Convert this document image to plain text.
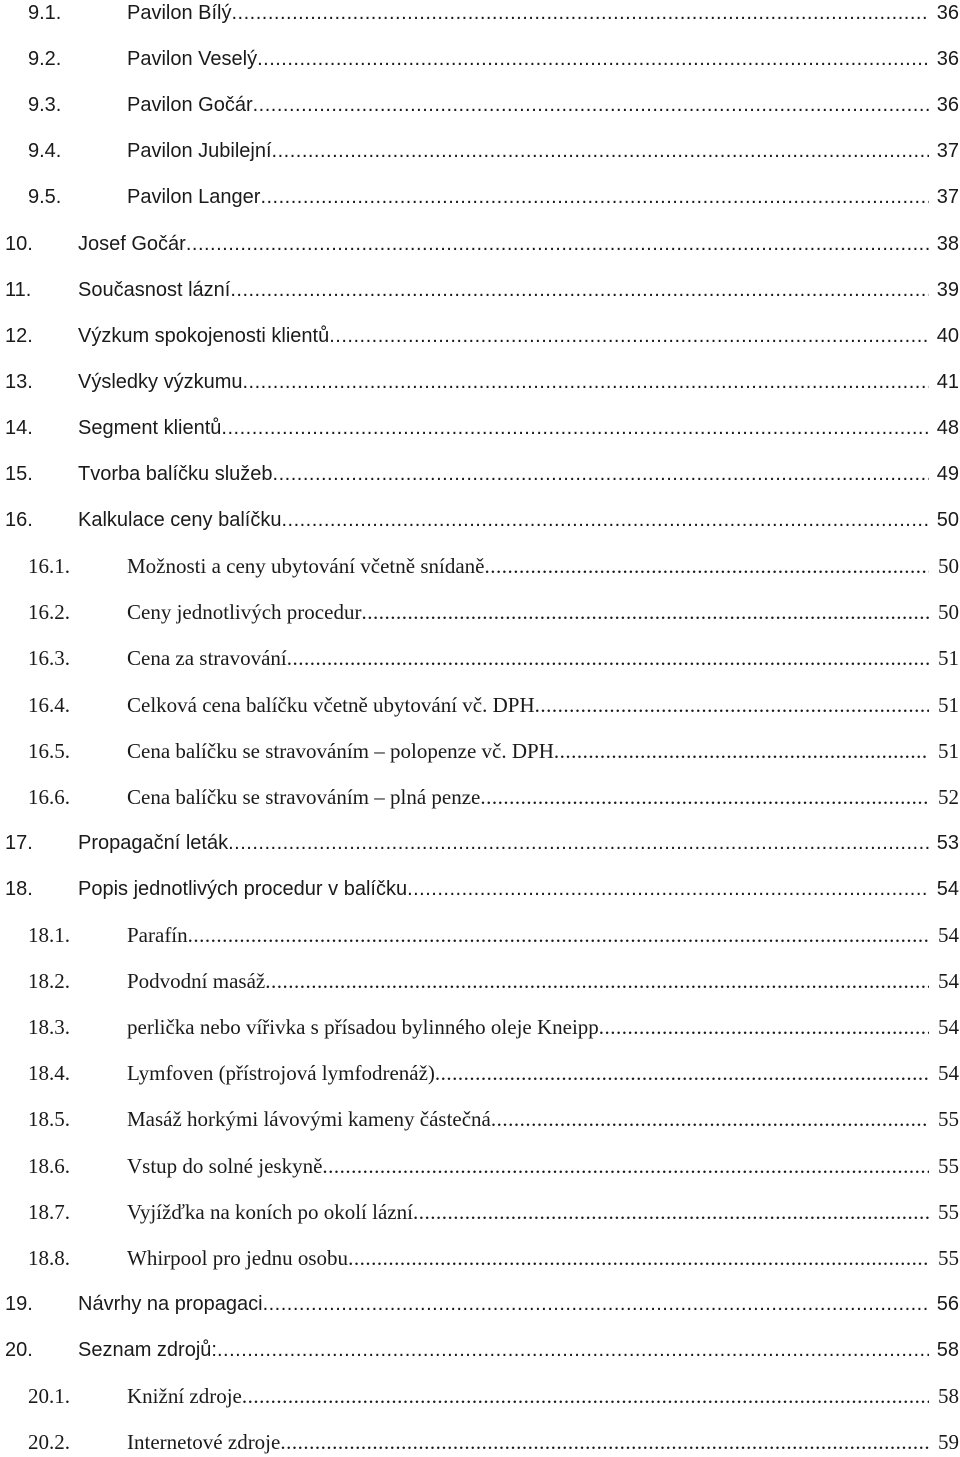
9.1.	Pavilon Bílý .....	36
9.2.	Pavilon Veselý .....	36
9.3.	Pavilon Gočár .....	36
9.4.	Pavilon Jubilejní .....	37
9.5.	Pavilon Langer .....	37
10.	Josef Gočár .....	38
11.	Současnost lázní .....	39
12.	Výzkum spokojenosti klientů .....	40
13.	Výsledky výzkumu .....	41
14.	Segment klientů .....	48
15.	Tvorba balíčku služeb .....	49
16.	Kalkulace ceny balíčku .....	50
16.1.	Možnosti a ceny ubytování včetně snídaně .....	50
16.2.	Ceny jednotlivých procedur .....	50
16.3.	Cena za stravování .....	51
16.4.	Celková cena balíčku včetně ubytování vč. DPH .....	51
16.5.	Cena balíčku se stravováním – polopenze vč. DPH .....	51
16.6.	Cena balíčku se stravováním – plná penze .....	52
17.	Propagační leták .....	53
18.	Popis jednotlivých procedur v balíčku .....	54
18.1.	Parafín .....	54
18.2.	Podvodní masáž .....	54
18.3.	perlička nebo vířivka s přísadou bylinného oleje Kneipp .....	54
18.4.	Lymfoven (přístrojová lymfodrenáž) .....	54
18.5.	Masáž horkými lávovými kameny částečná .....	55
18.6.	Vstup do solné jeskyně .....	55
18.7.	Vyjížďka na koních po okolí lázní .....	55
18.8.	Whirpool pro jednu osobu .....	55
19.	Návrhy na propagaci .....	56
20.	Seznam zdrojů: .....	58
20.1.	Knižní zdroje .....	58
20.2.	Internetové zdroje .....	59
